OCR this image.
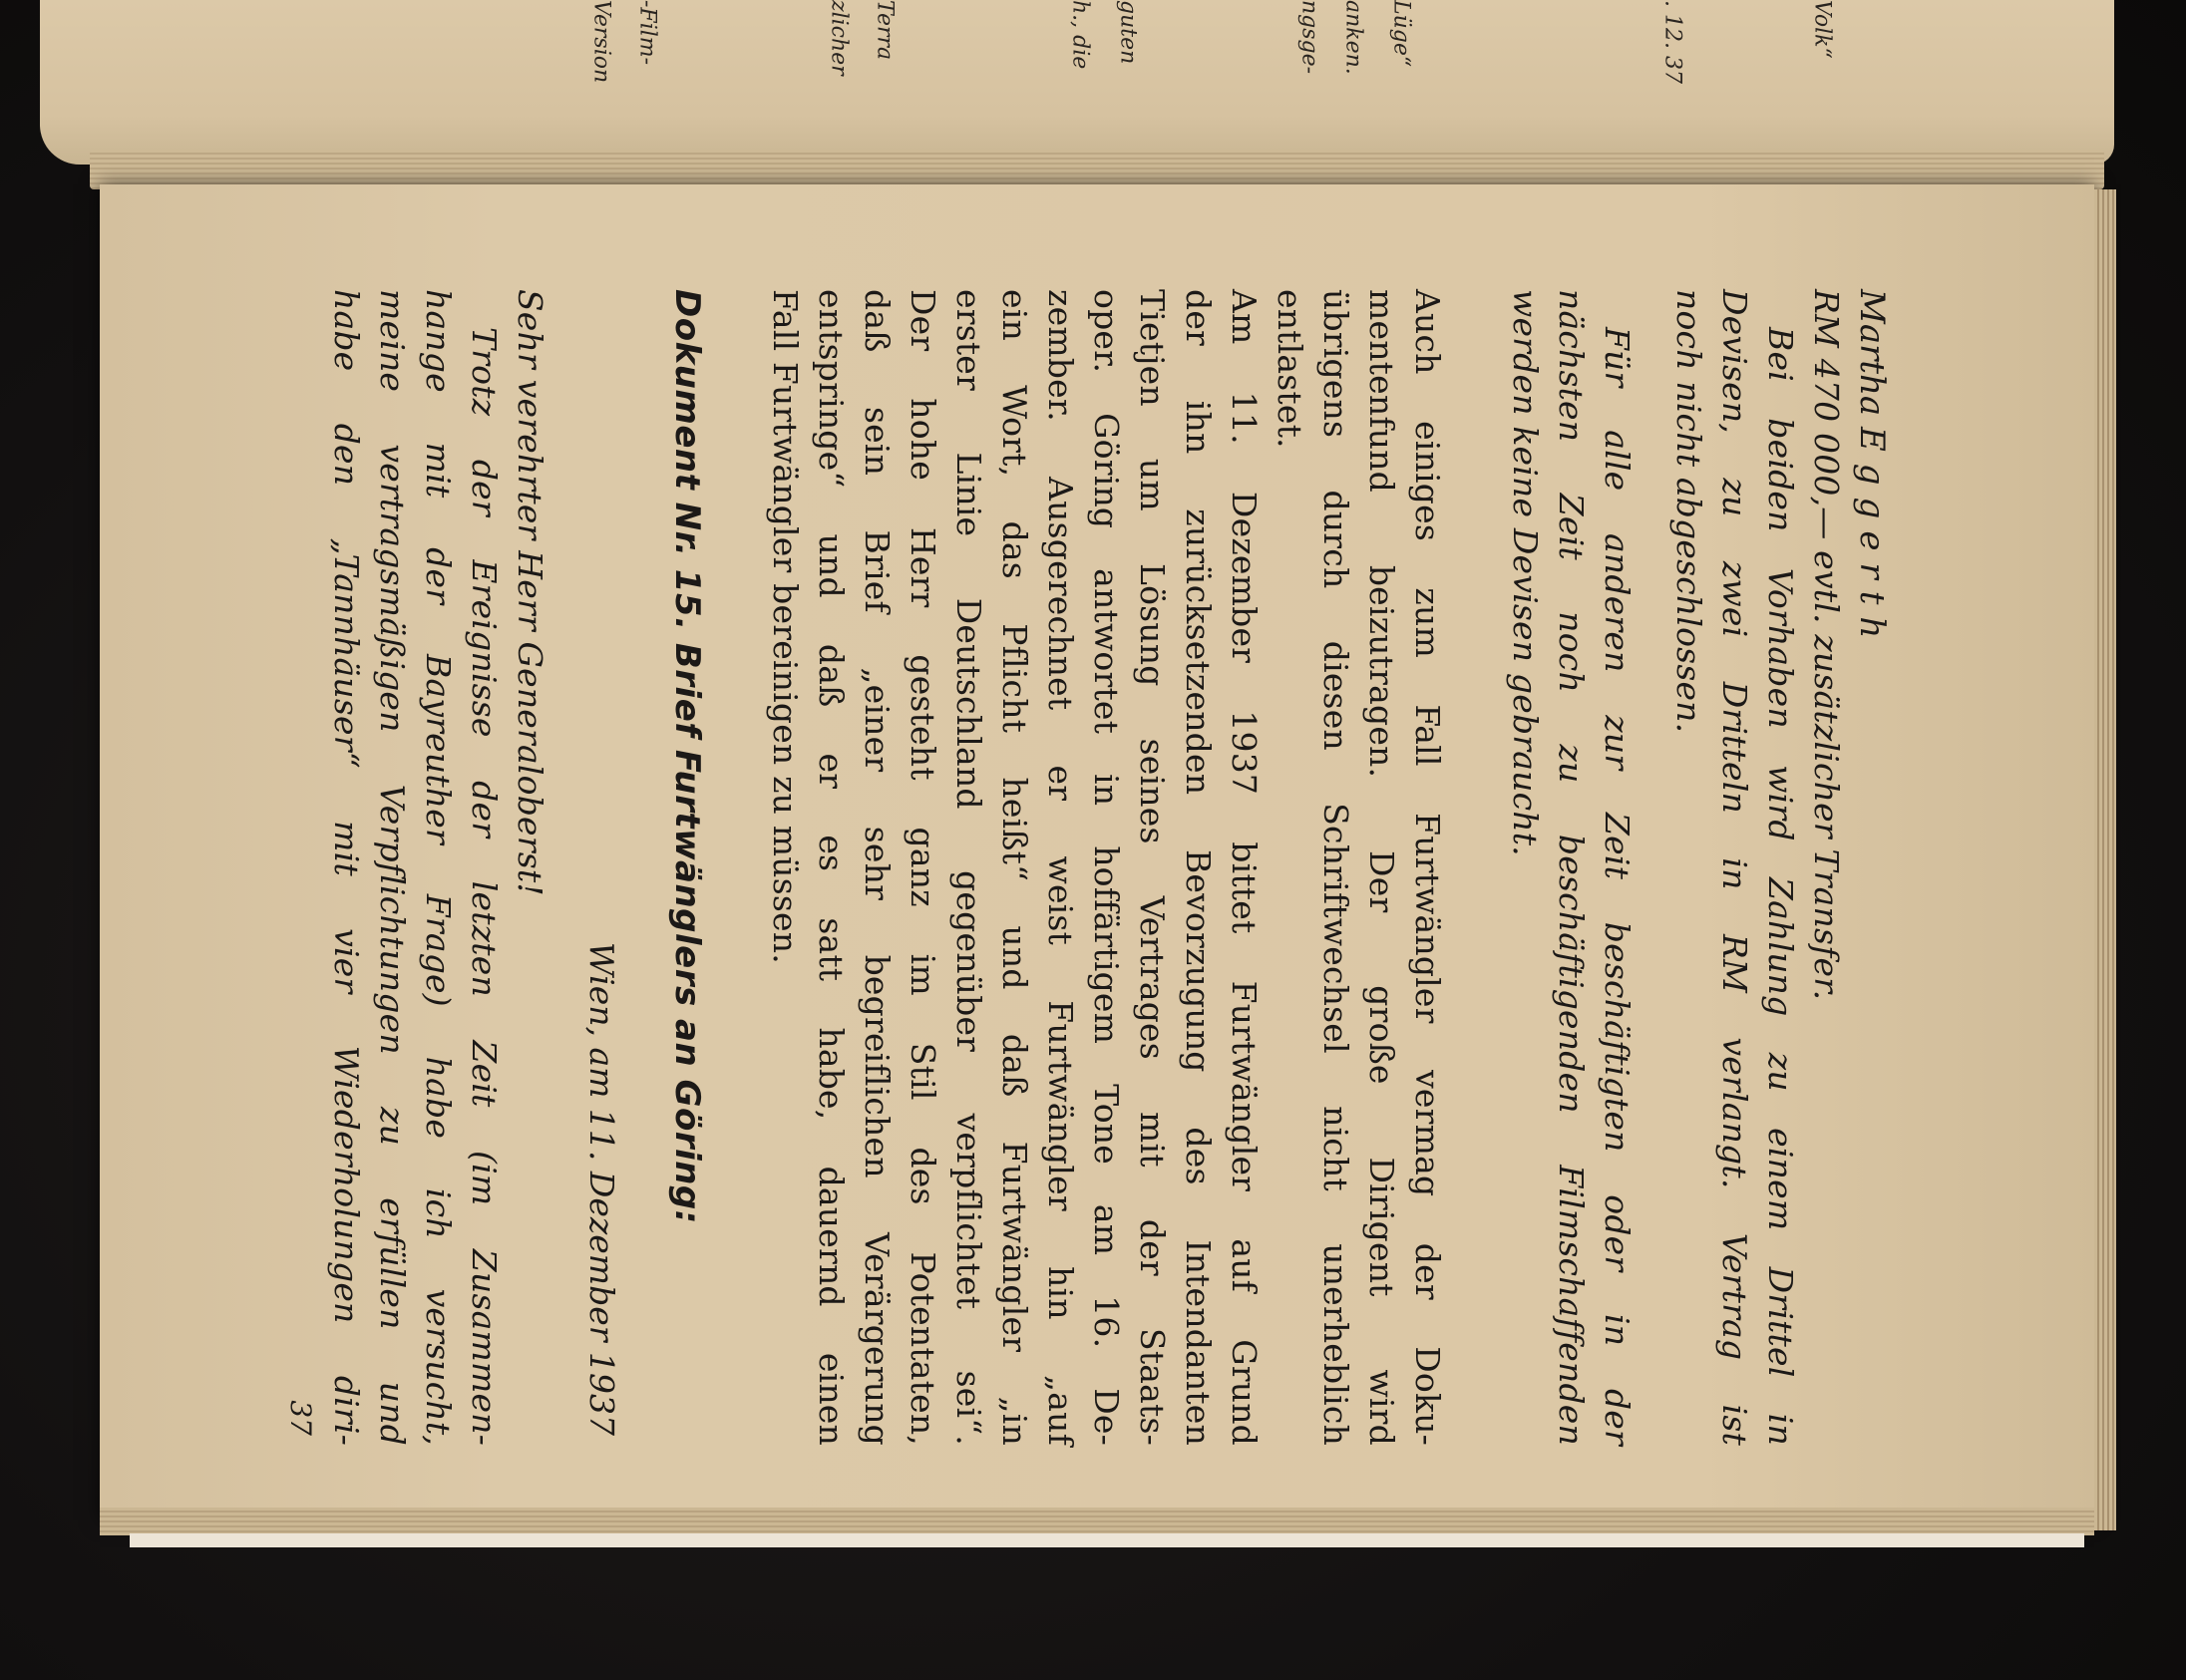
Volk“
. 12. 37
Lüge“
anken.
ngsge-
guten
h., die
Terra
zlicher
-Film-
Version
Martha Eggerth
RM 470 000,— evtl. zusätzlicher Transfer.
Bei beiden Vorhaben wird Zahlung zu einem Drittel in
Devisen, zu zwei Dritteln in RM verlangt. Vertrag ist
noch nicht abgeschlossen.
Für alle anderen zur Zeit beschäftigten oder in der
nächsten Zeit noch zu beschäftigenden Filmschaffenden
werden keine Devisen gebraucht.
Auch einiges zum Fall Furtwängler vermag der Doku-
mentenfund beizutragen. Der große Dirigent wird
übrigens durch diesen Schriftwechsel nicht unerheblich
entlastet.
Am 11. Dezember 1937 bittet Furtwängler auf Grund
der ihn zurücksetzenden Bevorzugung des Intendanten
Tietjen um Lösung seines Vertrages mit der Staats-
oper. Göring antwortet in hoffärtigem Tone am 16. De-
zember. Ausgerechnet er weist Furtwängler hin „auf
ein Wort, das Pflicht heißt“ und daß Furtwängler „in
erster Linie Deutschland gegenüber verpflichtet sei“.
Der hohe Herr gesteht ganz im Stil des Potentaten,
daß sein Brief „einer sehr begreiflichen Verärgerung
entspringe“ und daß er es satt habe, dauernd einen
Fall Furtwängler bereinigen zu müssen.
Dokument Nr. 15. Brief Furtwänglers an Göring:
Wien, am 11. Dezember 1937
Sehr verehrter Herr Generaloberst!
Trotz der Ereignisse der letzten Zeit (im Zusammen-
hange mit der Bayreuther Frage) habe ich versucht,
meine vertragsmäßigen Verpflichtungen zu erfüllen und
habe den „Tannhäuser“ mit vier Wiederholungen diri-
37
